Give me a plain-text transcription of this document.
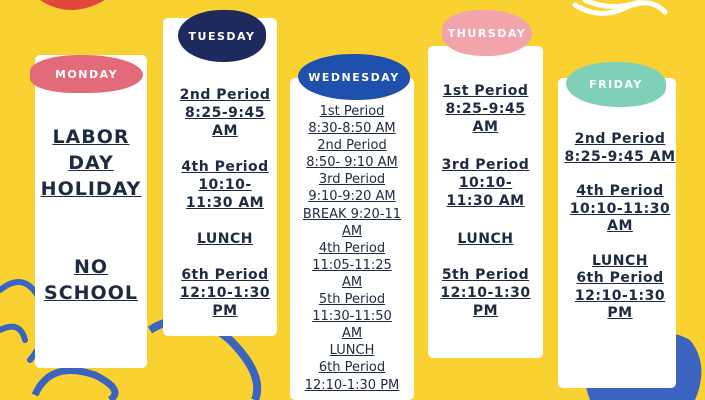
MONDAY
LABOR
DAY
HOLIDAY
NO
SCHOOL
TUESDAY
2nd Period
8:25-9:45
AM
4th Period
10:10-
11:30 AM
LUNCH
6th Period
12:10-1:30
PM
WEDNESDAY
1st Period
8:30-8:50 AM
2nd Period
8:50- 9:10 AM
3rd Period
9:10-9:20 AM
BREAK 9:20-11
AM
4th Period
11:05-11:25
AM
5th Period
11:30-11:50
AM
LUNCH
6th Period
12:10-1:30 PM
THURSDAY
1st Period
8:25-9:45
AM
3rd Period
10:10-
11:30 AM
LUNCH
5th Period
12:10-1:30
PM
FRIDAY
2nd Period
8:25-9:45 AM
4th Period
10:10-11:30
AM
LUNCH
6th Period
12:10-1:30
PM
